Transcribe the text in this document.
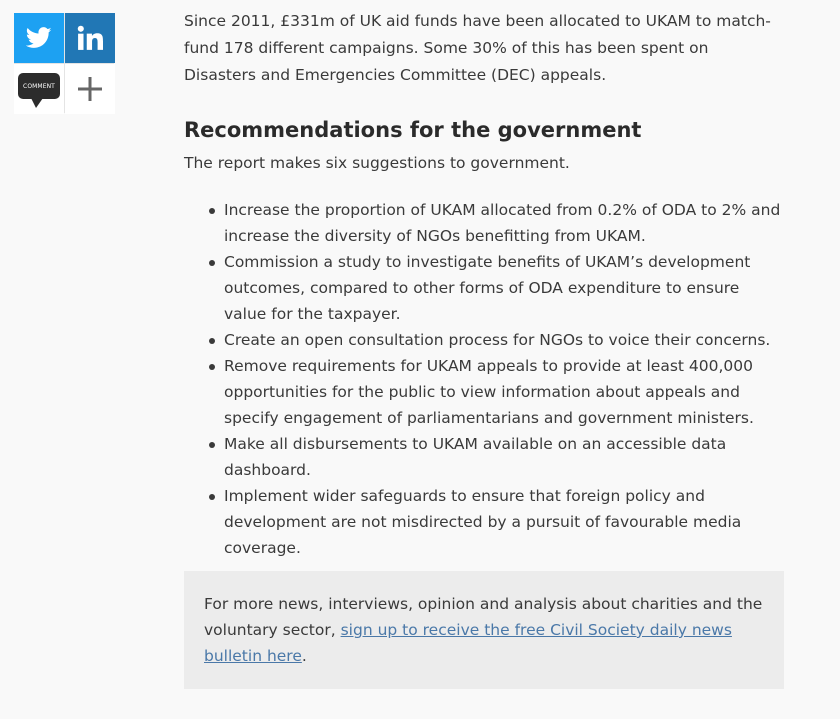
COMMENT

Since 2011, £331m of UK aid funds have been allocated to UKAM to match-fund 178 different campaigns. Some 30% of this has been spent on Disasters and Emergencies Committee (DEC) appeals.

Recommendations for the government

The report makes six suggestions to government.

Increase the proportion of UKAM allocated from 0.2% of ODA to 2% and increase the diversity of NGOs benefitting from UKAM.
Commission a study to investigate benefits of UKAM’s development outcomes, compared to other forms of ODA expenditure to ensure value for the taxpayer.
Create an open consultation process for NGOs to voice their concerns.
Remove requirements for UKAM appeals to provide at least 400,000 opportunities for the public to view information about appeals and specify engagement of parliamentarians and government ministers.
Make all disbursements to UKAM available on an accessible data dashboard.
Implement wider safeguards to ensure that foreign policy and development are not misdirected by a pursuit of favourable media coverage.

For more news, interviews, opinion and analysis about charities and the voluntary sector, sign up to receive the free Civil Society daily news bulletin here.
